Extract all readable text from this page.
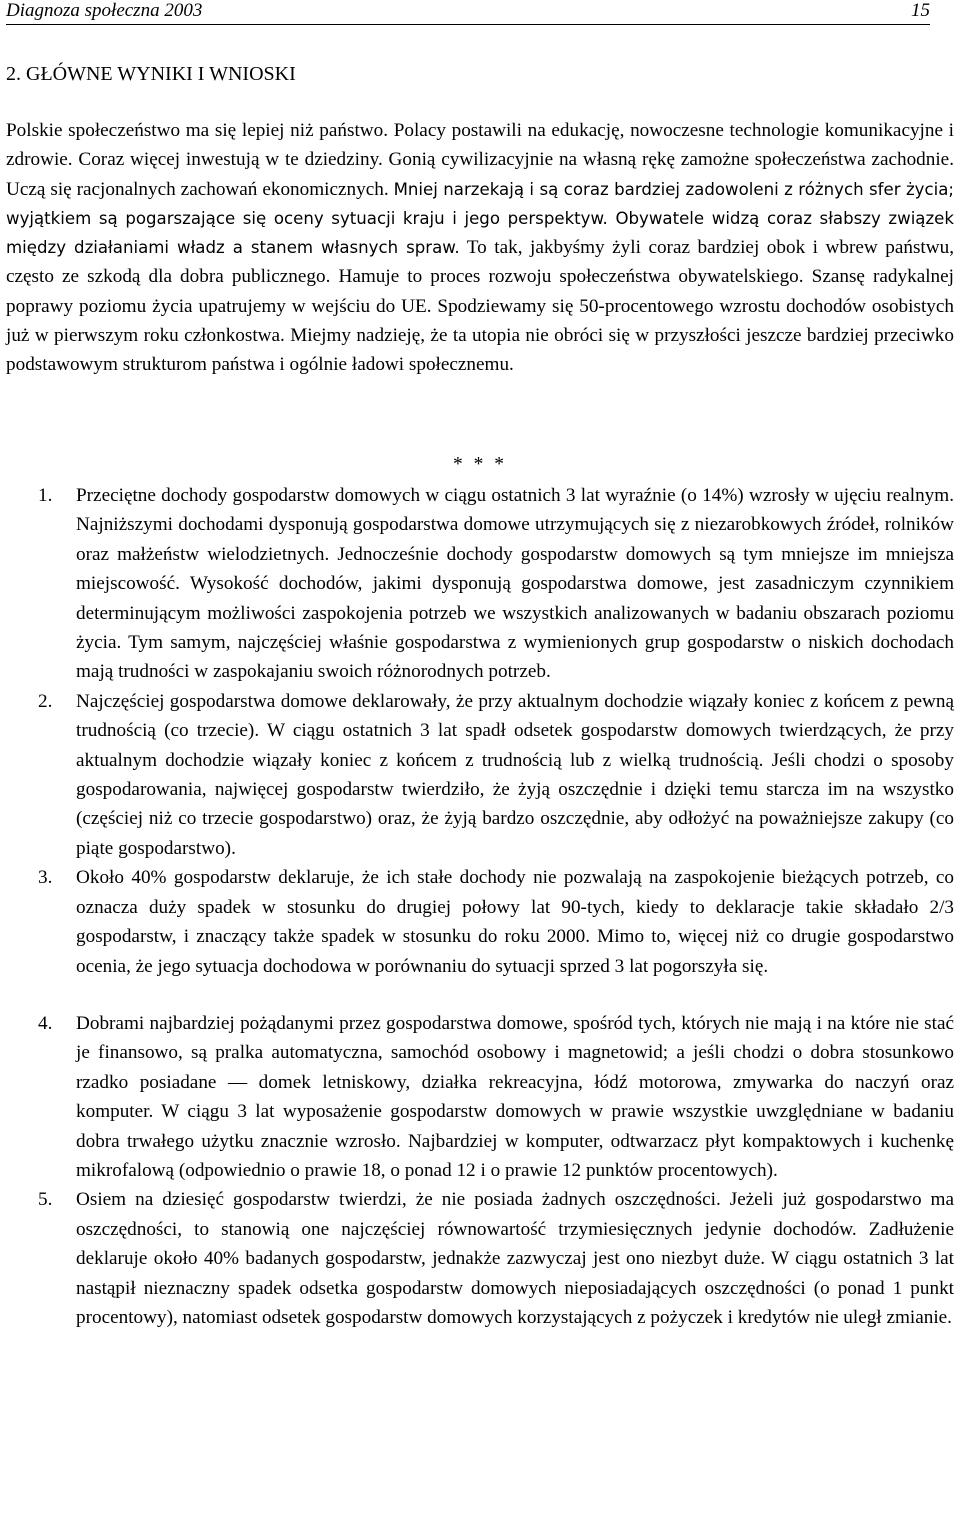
Diagnoza społeczna 2003	15
2. GŁÓWNE WYNIKI I WNIOSKI

Polskie społeczeństwo ma się lepiej niż państwo. Polacy postawili na edukację, nowoczesne technologie komunikacyjne i zdrowie. Coraz więcej inwestują w te dziedziny. Gonią cywilizacyjnie na własną rękę zamożne społeczeństwa zachodnie. Uczą się racjonalnych zachowań ekonomicznych. Mniej narzekają i są coraz bardziej zadowoleni z różnych sfer życia; wyjątkiem są pogarszające się oceny sytuacji kraju i jego perspektyw. Obywatele widzą coraz słabszy związek między działaniami władz a stanem własnych spraw. To tak, jakbyśmy żyli coraz bardziej obok i wbrew państwu, często ze szkodą dla dobra publicznego. Hamuje to proces rozwoju społeczeństwa obywatelskiego. Szansę radykalnej poprawy poziomu życia upatrujemy w wejściu do UE. Spodziewamy się 50-procentowego wzrostu dochodów osobistych już w pierwszym roku członkostwa. Miejmy nadzieję, że ta utopia nie obróci się w przyszłości jeszcze bardziej przeciwko podstawowym strukturom państwa i ogólnie ładowi społecznemu.

* * *
1. Przeciętne dochody gospodarstw domowych w ciągu ostatnich 3 lat wyraźnie (o 14%) wzrosły w ujęciu realnym. Najniższymi dochodami dysponują gospodarstwa domowe utrzymujących się z niezarobkowych źródeł, rolników oraz małżeństw wielodzietnych. Jednocześnie dochody gospodarstw domowych są tym mniejsze im mniejsza miejscowość. Wysokość dochodów, jakimi dysponują gospodarstwa domowe, jest zasadniczym czynnikiem determinującym możliwości zaspokojenia potrzeb we wszystkich analizowanych w badaniu obszarach poziomu życia. Tym samym, najczęściej właśnie gospodarstwa z wymienionych grup gospodarstw o niskich dochodach mają trudności w zaspokajaniu swoich różnorodnych potrzeb.
2. Najczęściej gospodarstwa domowe deklarowały, że przy aktualnym dochodzie wiązały koniec z końcem z pewną trudnością (co trzecie). W ciągu ostatnich 3 lat spadł odsetek gospodarstw domowych twierdzących, że przy aktualnym dochodzie wiązały koniec z końcem z trudnością lub z wielką trudnością. Jeśli chodzi o sposoby gospodarowania, najwięcej gospodarstw twierdziło, że żyją oszczędnie i dzięki temu starcza im na wszystko (częściej niż co trzecie gospodarstwo) oraz, że żyją bardzo oszczędnie, aby odłożyć na poważniejsze zakupy (co piąte gospodarstwo).
3. Około 40% gospodarstw deklaruje, że ich stałe dochody nie pozwalają na zaspokojenie bieżących potrzeb, co oznacza duży spadek w stosunku do drugiej połowy lat 90-tych, kiedy to deklaracje takie składało 2/3 gospodarstw, i znaczący także spadek w stosunku do roku 2000. Mimo to, więcej niż co drugie gospodarstwo ocenia, że jego sytuacja dochodowa w porównaniu do sytuacji sprzed 3 lat pogorszyła się.
4. Dobrami najbardziej pożądanymi przez gospodarstwa domowe, spośród tych, których nie mają i na które nie stać je finansowo, są pralka automatyczna, samochód osobowy i magnetowid; a jeśli chodzi o dobra stosunkowo rzadko posiadane — domek letniskowy, działka rekreacyjna, łódź motorowa, zmywarka do naczyń oraz komputer. W ciągu 3 lat wyposażenie gospodarstw domowych w prawie wszystkie uwzględniane w badaniu dobra trwałego użytku znacznie wzrosło. Najbardziej w komputer, odtwarzacz płyt kompaktowych i kuchenkę mikrofalową (odpowiednio o prawie 18, o ponad 12 i o prawie 12 punktów procentowych).
5. Osiem na dziesięć gospodarstw twierdzi, że nie posiada żadnych oszczędności. Jeżeli już gospodarstwo ma oszczędności, to stanowią one najczęściej równowartość trzymiesięcznych jedynie dochodów. Zadłużenie deklaruje około 40% badanych gospodarstw, jednakże zazwyczaj jest ono niezbyt duże. W ciągu ostatnich 3 lat nastąpił nieznaczny spadek odsetka gospodarstw domowych nieposiadających oszczędności (o ponad 1 punkt procentowy), natomiast odsetek gospodarstw domowych korzystających z pożyczek i kredytów nie uległ zmianie.
